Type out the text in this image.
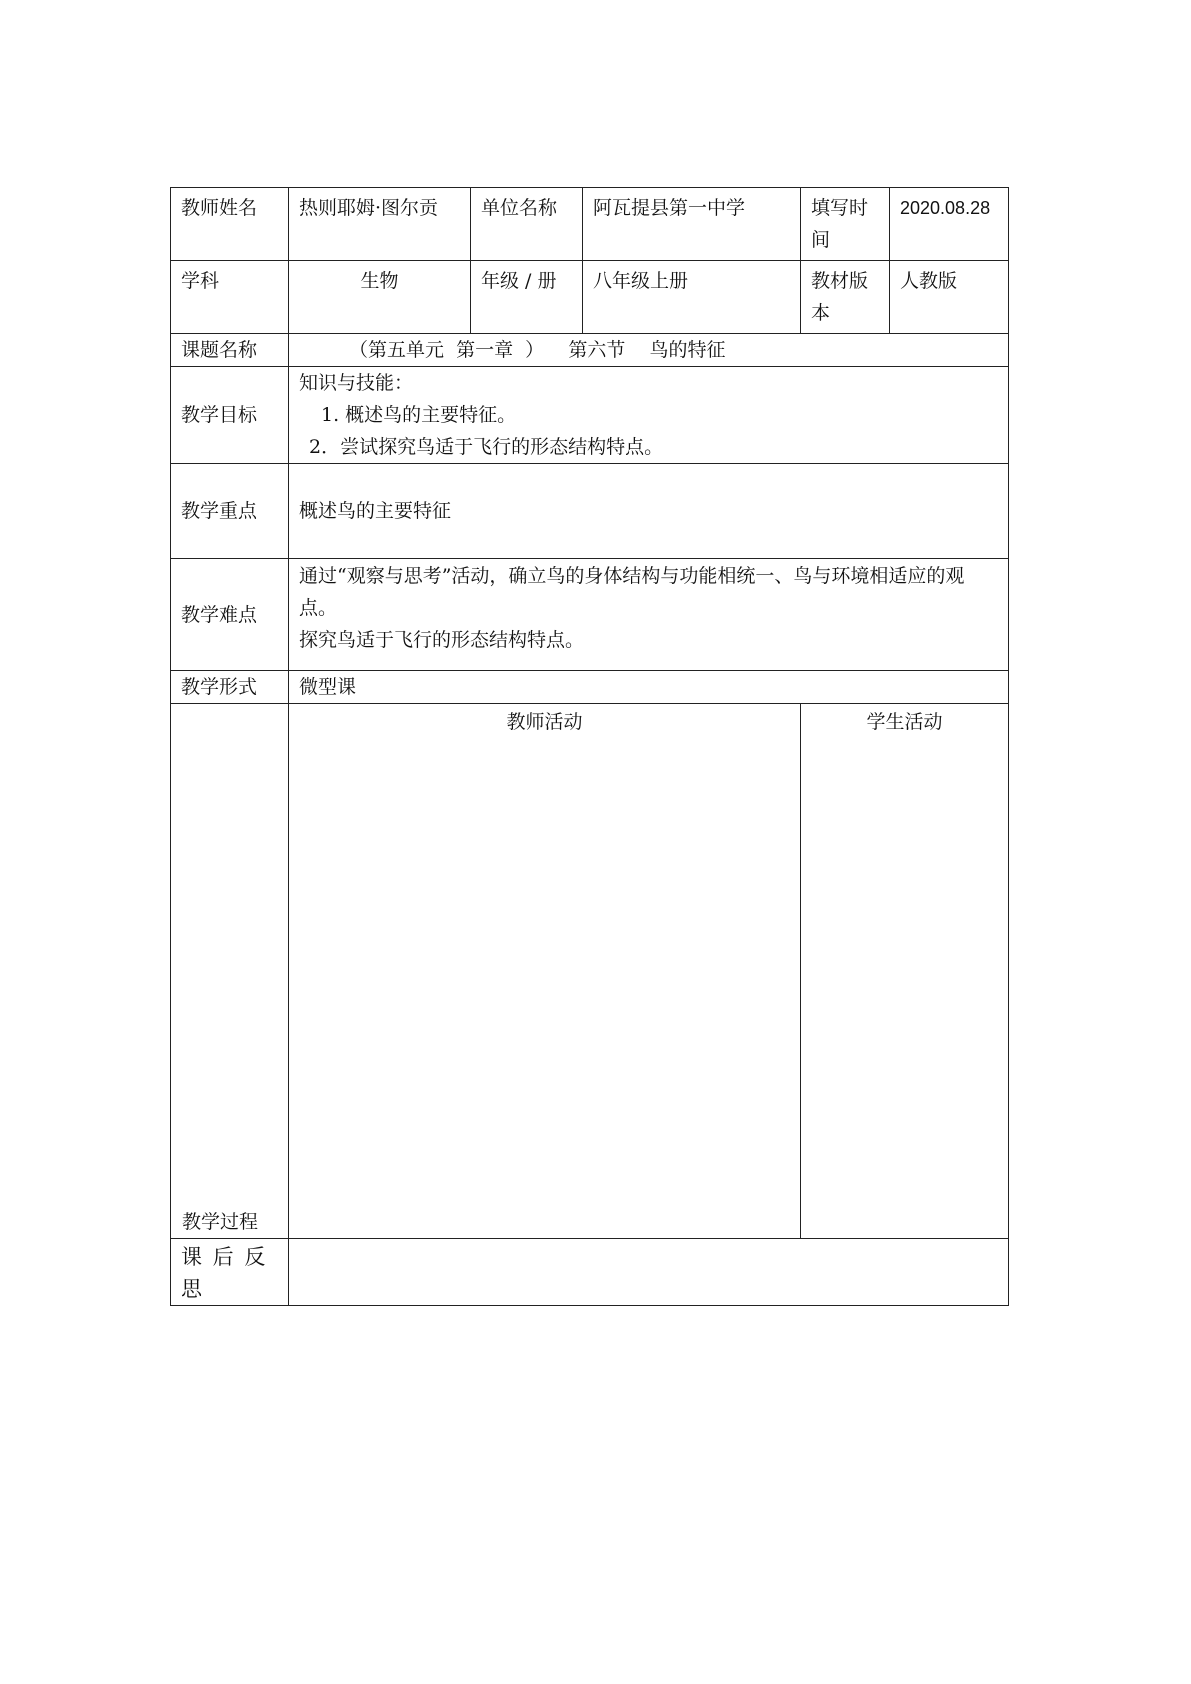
教师姓名	热则耶姆·图尔贡	单位名称	阿瓦提县第一中学	填写时间	2020.08.28
学科	生物	年级 / 册	八年级上册	教材版本	人教版
课题名称	（第五单元  第一章  ）    第六节    鸟的特征				
教学目标	知识与技能：
1. 概述鸟的主要特征。
2．尝试探究鸟适于飞行的形态结构特点。				

教学重点	概述鸟的主要特征				
教学难点	通过“观察与思考”活动，确立鸟的身体结构与功能相统一、鸟与环境相适应的观点。
探究鸟适于飞行的形态结构特点。				

教学形式	微型课				

教学过程	教师活动			学生活动	

课 后 反 思					
